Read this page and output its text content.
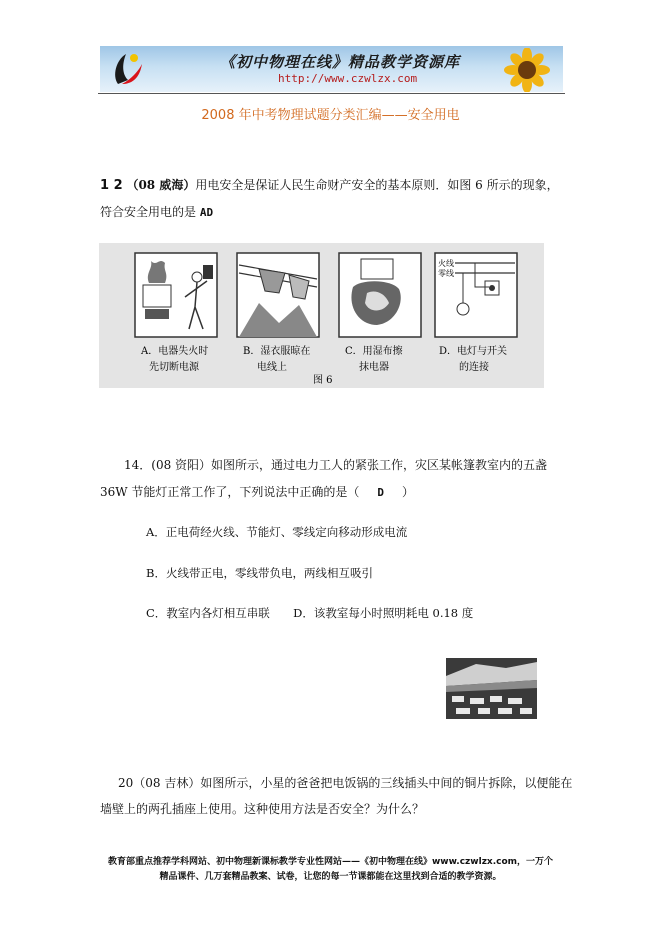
《初中物理在线》精品教学资源库
http://www.czwlzx.com
2008 年中考物理试题分类汇编——安全用电
1 2 （08 威海）用电安全是保证人民生命财产安全的基本原则．如图 6 所示的现象，符合安全用电的是 AD
火线
零线
A．电器失火时
先切断电源
B．湿衣服晾在
电线上
C．用湿布擦
抹电器
D．电灯与开关
的连接
图 6
14．(08 资阳）如图所示，通过电力工人的紧张工作，灾区某帐篷教室内的五盏 36W 节能灯正常工作了，下列说法中正确的是（ D ）
A．正电荷经火线、节能灯、零线定向移动形成电流
B．火线带正电，零线带负电，两线相互吸引
C．教室内各灯相互串联 D．该教室每小时照明耗电 0.18 度
20（08 吉林）如图所示，小星的爸爸把电饭锅的三线插头中间的铜片拆除，以便能在
墙壁上的两孔插座上使用。这种使用方法是否安全？为什么？
教育部重点推荐学科网站、初中物理新课标教学专业性网站——《初中物理在线》www.czwlzx.com，一万个
精品课件、几万套精品教案、试卷，让您的每一节课都能在这里找到合适的教学资源。
